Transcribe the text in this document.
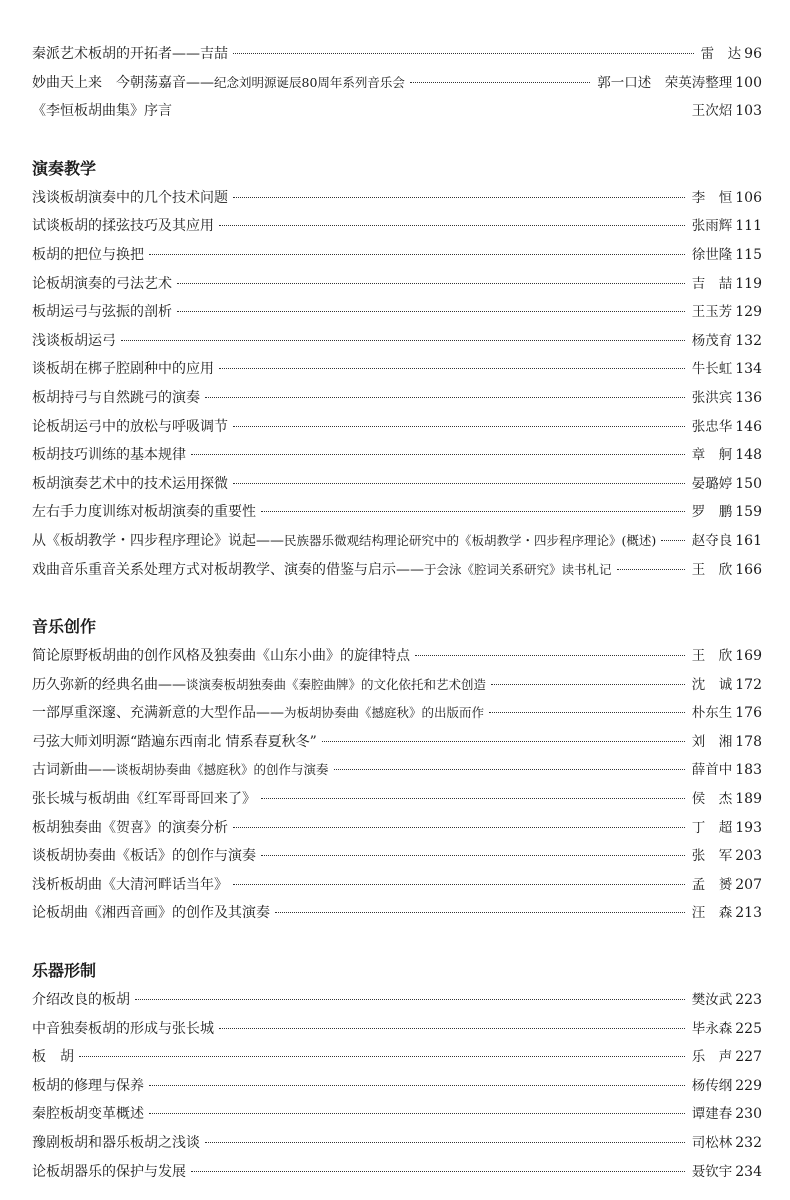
秦派艺术板胡的开拓者——吉喆	雷　达 96
妙曲天上来　今朝荡嘉音——纪念刘明源诞辰80周年系列音乐会	郭一口述　荣英涛整理 100
《李恒板胡曲集》序言	王次炤 103
演奏教学
浅谈板胡演奏中的几个技术问题	李　恒 106
试谈板胡的揉弦技巧及其应用	张雨辉 111
板胡的把位与换把	徐世隆 115
论板胡演奏的弓法艺术	吉　喆 119
板胡运弓与弦振的剖析	王玉芳 129
浅谈板胡运弓	杨茂育 132
谈板胡在梆子腔剧种中的应用	牛长虹 134
板胡持弓与自然跳弓的演奏	张洪宾 136
论板胡运弓中的放松与呼吸调节	张忠华 146
板胡技巧训练的基本规律	章　舸 148
板胡演奏艺术中的技术运用探微	晏璐婷 150
左右手力度训练对板胡演奏的重要性	罗　鹏 159
从《板胡教学・四步程序理论》说起——民族器乐微观结构理论研究中的《板胡教学・四步程序理论》(概述)	赵夺良 161
戏曲音乐重音关系处理方式对板胡教学、演奏的借鉴与启示——于会泳《腔词关系研究》读书札记	王　欣 166
音乐创作
简论原野板胡曲的创作风格及独奏曲《山东小曲》的旋律特点	王　欣 169
历久弥新的经典名曲——谈演奏板胡独奏曲《秦腔曲牌》的文化依托和艺术创造	沈　诚 172
一部厚重深邃、充满新意的大型作品——为板胡协奏曲《撼庭秋》的出版而作	朴东生 176
弓弦大师刘明源“踏遍东西南北 情系春夏秋冬”	刘　湘 178
古词新曲——谈板胡协奏曲《撼庭秋》的创作与演奏	薛首中 183
张长城与板胡曲《红军哥哥回来了》	侯　杰 189
板胡独奏曲《贺喜》的演奏分析	丁　超 193
谈板胡协奏曲《板话》的创作与演奏	张　军 203
浅析板胡曲《大清河畔话当年》	孟　赟 207
论板胡曲《湘西音画》的创作及其演奏	汪　森 213
乐器形制
介绍改良的板胡	樊汝武 223
中音独奏板胡的形成与张长城	毕永森 225
板　胡	乐　声 227
板胡的修理与保养	杨传纲 229
秦腔板胡变革概述	谭建春 230
豫剧板胡和器乐板胡之浅谈	司松林 232
论板胡器乐的保护与发展	聂钦宇 234
